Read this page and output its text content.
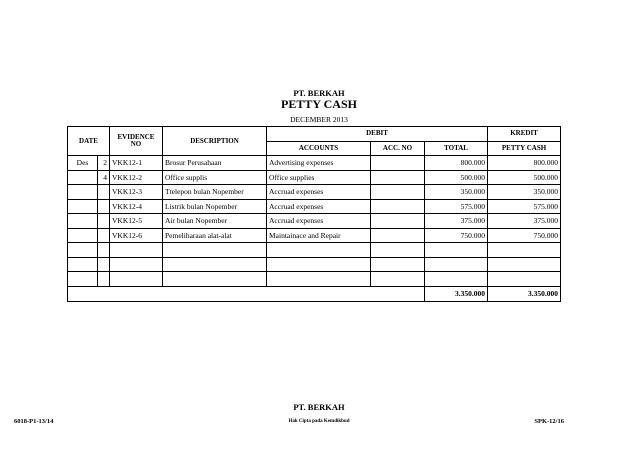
PT. BERKAH
PETTY CASH
DECEMBER 2013
DATE		EVIDENCE NO	DESCRIPTION	DEBIT			KREDIT
				ACCOUNTS	ACC. NO	TOTAL	PETTY CASH
Des	2	VKK12-1	Brosur Perusahaan	Advertising expenses		800.000	800.000
	4	VKK12-2	Office supplis	Office supplies		500.000	500.000
		VKK12-3	Ttelepon bulan Nopember	Accruad expenses		350.000	350.000
		VKK12-4	Listrik bulan Nopember	Accruad expenses		575.000	575.000
		VKK12-5	Air bulan Nopember	Accruad expenses		375.000	375.000
		VKK12-6	Pemeliharaan alat-alat	Maintainace and Repair		750.000	750.000

						3.350.000	3.350.000
PT. BERKAH
6018-P1-13/14	Hak Cipta pada Kemdikbud	SPK-12/16
